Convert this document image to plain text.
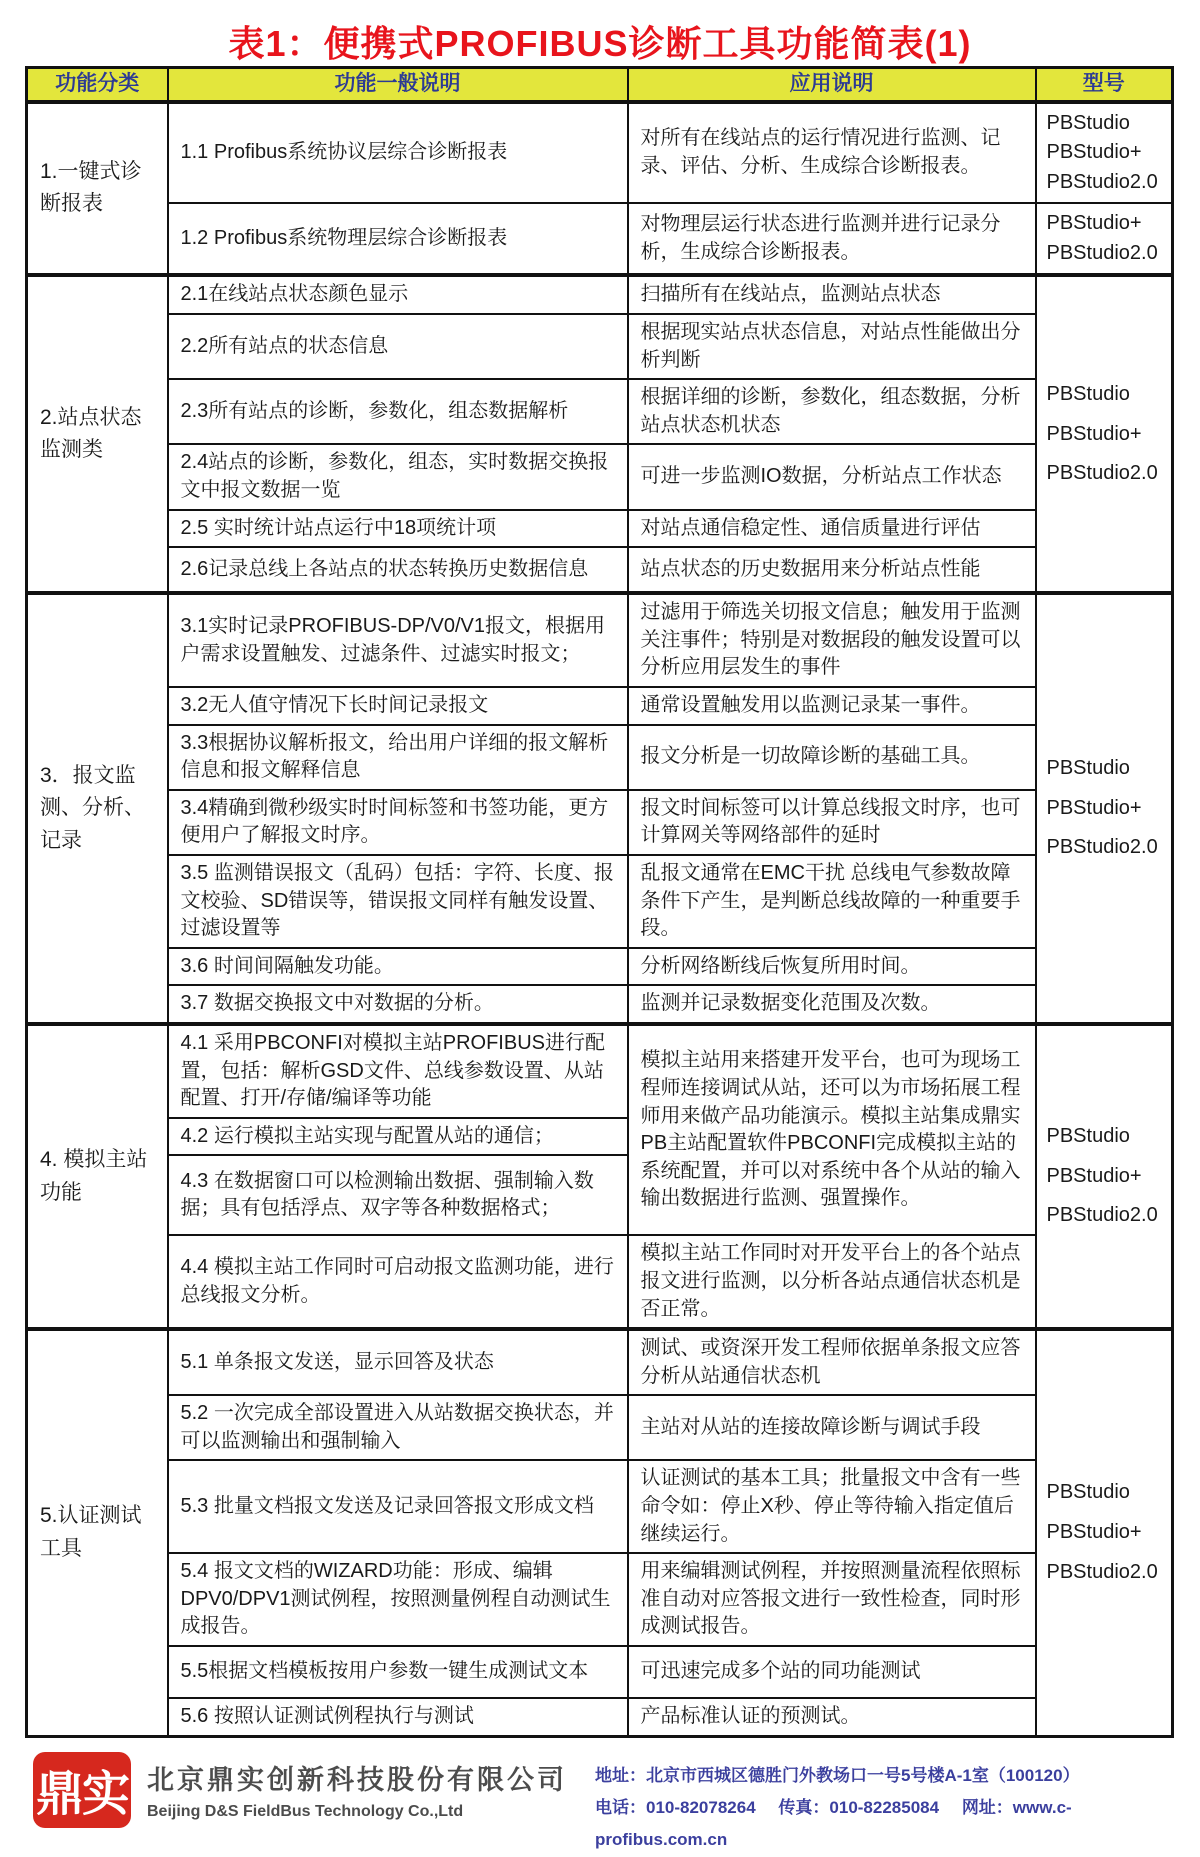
表1：便携式PROFIBUS诊断工具功能简表(1)
功能分类	功能一般说明	应用说明	型号
1.一键式诊断报表	1.1 Profibus系统协议层综合诊断报表	对所有在线站点的运行情况进行监测、记录、评估、分析、生成综合诊断报表。	PBStudio
PBStudio+
PBStudio2.0

	1.2 Profibus系统物理层综合诊断报表	对物理层运行状态进行监测并进行记录分析，生成综合诊断报表。	PBStudio+
PBStudio2.0

2.站点状态监测类	2.1在线站点状态颜色显示	扫描所有在线站点，监测站点状态	PBStudio
PBStudio+
PBStudio2.0

	2.2所有站点的状态信息	根据现实站点状态信息，对站点性能做出分析判断	
	2.3所有站点的诊断，参数化，组态数据解析	根据详细的诊断，参数化，组态数据，分析站点状态机状态	
	2.4站点的诊断，参数化，组态，实时数据交换报文中报文数据一览	可进一步监测IO数据，分析站点工作状态	
	2.5 实时统计站点运行中18项统计项	对站点通信稳定性、通信质量进行评估	
	2.6记录总线上各站点的状态转换历史数据信息	站点状态的历史数据用来分析站点性能	
3．报文监测、分析、记录	3.1实时记录PROFIBUS-DP/V0/V1报文，根据用户需求设置触发、过滤条件、过滤实时报文；	过滤用于筛选关切报文信息；触发用于监测关注事件；特别是对数据段的触发设置可以分析应用层发生的事件	PBStudio
PBStudio+
PBStudio2.0

	3.2无人值守情况下长时间记录报文	通常设置触发用以监测记录某一事件。	
	3.3根据协议解析报文，给出用户详细的报文解析信息和报文解释信息	报文分析是一切故障诊断的基础工具。	
	3.4精确到微秒级实时时间标签和书签功能，更方便用户了解报文时序。	报文时间标签可以计算总线报文时序，也可计算网关等网络部件的延时	
	3.5 监测错误报文（乱码）包括：字符、长度、报文校验、SD错误等，错误报文同样有触发设置、过滤设置等	乱报文通常在EMC干扰 总线电气参数故障条件下产生，是判断总线故障的一种重要手段。	
	3.6 时间间隔触发功能。	分析网络断线后恢复所用时间。	
	3.7 数据交换报文中对数据的分析。	监测并记录数据变化范围及次数。	
4. 模拟主站功能	4.1 采用PBCONFI对模拟主站PROFIBUS进行配置，包括：解析GSD文件、总线参数设置、从站配置、打开/存储/编译等功能	模拟主站用来搭建开发平台，也可为现场工程师连接调试从站，还可以为市场拓展工程师用来做产品功能演示。模拟主站集成鼎实PB主站配置软件PBCONFI完成模拟主站的系统配置，并可以对系统中各个从站的输入输出数据进行监测、强置操作。	PBStudio
PBStudio+
PBStudio2.0

	4.2 运行模拟主站实现与配置从站的通信；		
	4.3 在数据窗口可以检测输出数据、强制输入数据；具有包括浮点、双字等各种数据格式；		
	4.4 模拟主站工作同时可启动报文监测功能，进行总线报文分析。	模拟主站工作同时对开发平台上的各个站点报文进行监测，以分析各站点通信状态机是否正常。	
5.认证测试工具	5.1 单条报文发送，显示回答及状态	测试、或资深开发工程师依据单条报文应答分析从站通信状态机	PBStudio
PBStudio+
PBStudio2.0

	5.2 一次完成全部设置进入从站数据交换状态，并可以监测输出和强制输入	主站对从站的连接故障诊断与调试手段	
	5.3 批量文档报文发送及记录回答报文形成文档	认证测试的基本工具；批量报文中含有一些命令如：停止X秒、停止等待输入指定值后继续运行。	
	5.4 报文文档的WIZARD功能：形成、编辑DPV0/DPV1测试例程，按照测量例程自动测试生成报告。	用来编辑测试例程，并按照测量流程依照标准自动对应答报文进行一致性检查，同时形成测试报告。	
	5.5根据文档模板按用户参数一键生成测试文本	可迅速完成多个站的同功能测试	
	5.6 按照认证测试例程执行与测试	产品标准认证的预测试。	
鼎实 北京鼎实创新科技股份有限公司
Beijing D&S FieldBus Technology Co.,Ltd
地址：北京市西城区德胜门外教场口一号5号楼A-1室（100120）
电话：010-82078264 传真：010-82285084 网址：www.c-profibus.com.cn
